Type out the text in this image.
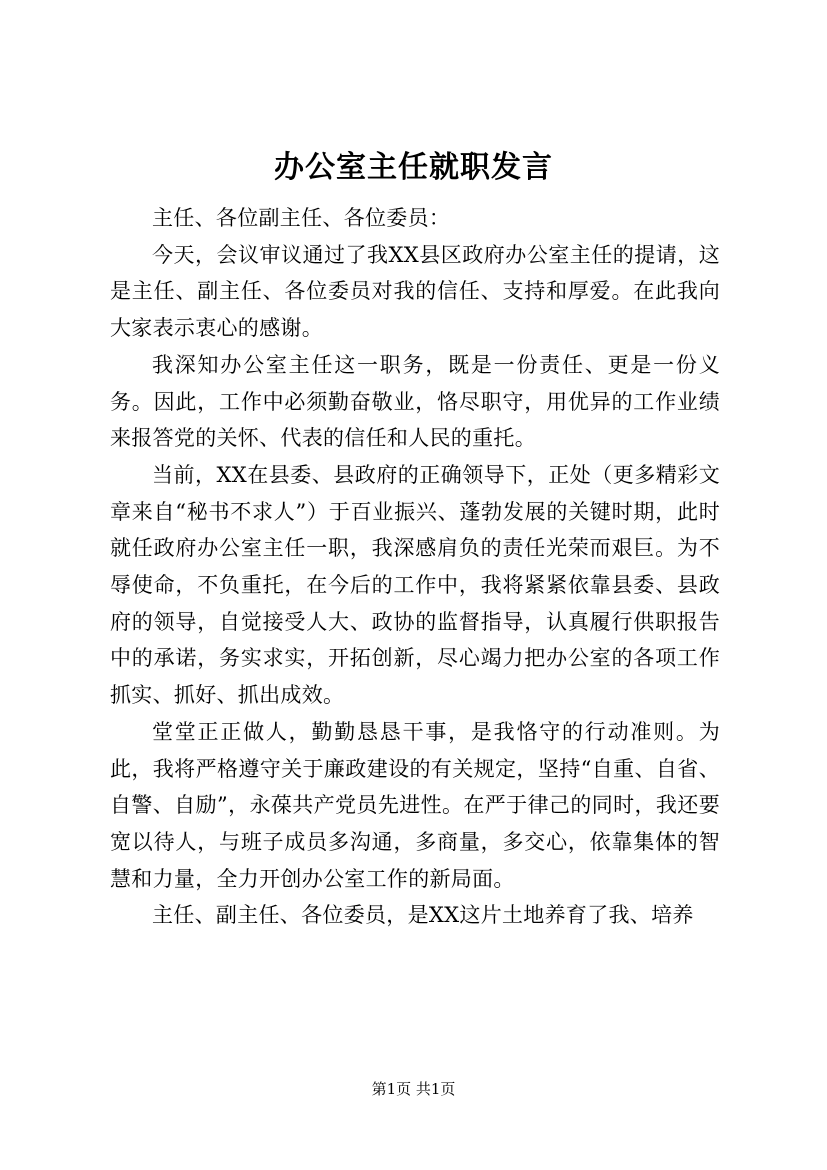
办公室主任就职发言

主任、各位副主任、各位委员：

今天，会议审议通过了我XX县区政府办公室主任的提请，这是主任、副主任、各位委员对我的信任、支持和厚爱。在此我向大家表示衷心的感谢。

我深知办公室主任这一职务，既是一份责任、更是一份义务。因此，工作中必须勤奋敬业，恪尽职守，用优异的工作业绩来报答党的关怀、代表的信任和人民的重托。

当前，XX在县委、县政府的正确领导下，正处（更多精彩文章来自“秘书不求人”）于百业振兴、蓬勃发展的关键时期，此时就任政府办公室主任一职，我深感肩负的责任光荣而艰巨。为不辱使命，不负重托，在今后的工作中，我将紧紧依靠县委、县政府的领导，自觉接受人大、政协的监督指导，认真履行供职报告中的承诺，务实求实，开拓创新，尽心竭力把办公室的各项工作抓实、抓好、抓出成效。

堂堂正正做人，勤勤恳恳干事，是我恪守的行动准则。为此，我将严格遵守关于廉政建设的有关规定，坚持“自重、自省、自警、自励”，永葆共产党员先进性。在严于律己的同时，我还要宽以待人，与班子成员多沟通，多商量，多交心，依靠集体的智慧和力量，全力开创办公室工作的新局面。

主任、副主任、各位委员，是XX这片土地养育了我、培养

第1页 共1页
